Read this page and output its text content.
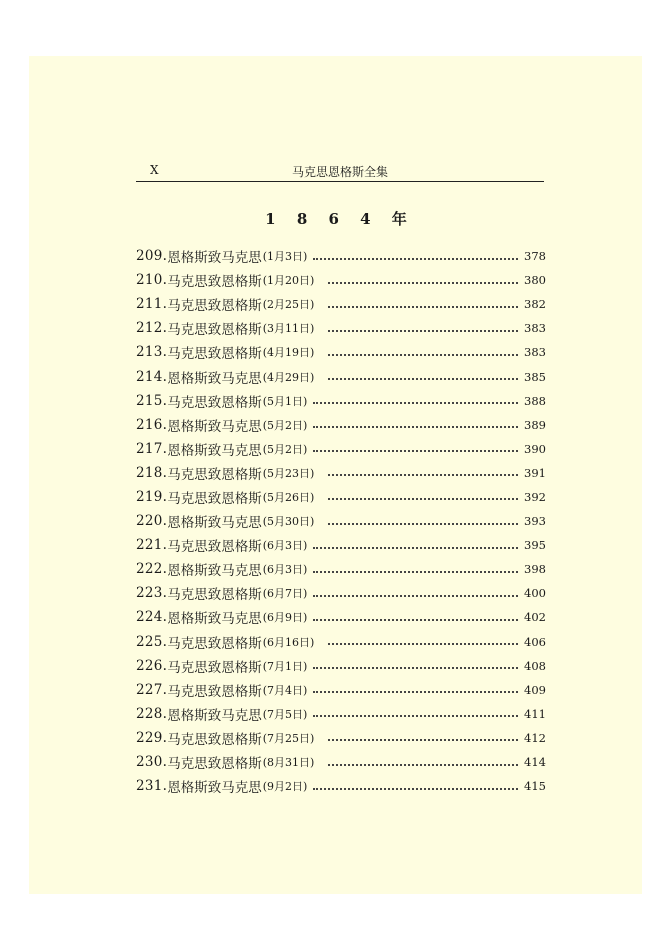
X	马克思恩格斯全集
1 8 6 4 年
209. 恩格斯致马克思 (1月3日)	378
210. 马克思致恩格斯 (1月20日)	380
211. 马克思致恩格斯 (2月25日)	382
212. 马克思致恩格斯 (3月11日)	383
213. 马克思致恩格斯 (4月19日)	383
214. 恩格斯致马克思 (4月29日)	385
215. 马克思致恩格斯 (5月1日)	388
216. 恩格斯致马克思 (5月2日)	389
217. 恩格斯致马克思 (5月2日)	390
218. 马克思致恩格斯 (5月23日)	391
219. 马克思致恩格斯 (5月26日)	392
220. 恩格斯致马克思 (5月30日)	393
221. 马克思致恩格斯 (6月3日)	395
222. 恩格斯致马克思 (6月3日)	398
223. 马克思致恩格斯 (6月7日)	400
224. 恩格斯致马克思 (6月9日)	402
225. 马克思致恩格斯 (6月16日)	406
226. 马克思致恩格斯 (7月1日)	408
227. 马克思致恩格斯 (7月4日)	409
228. 恩格斯致马克思 (7月5日)	411
229. 马克思致恩格斯 (7月25日)	412
230. 马克思致恩格斯 (8月31日)	414
231. 恩格斯致马克思 (9月2日)	415
